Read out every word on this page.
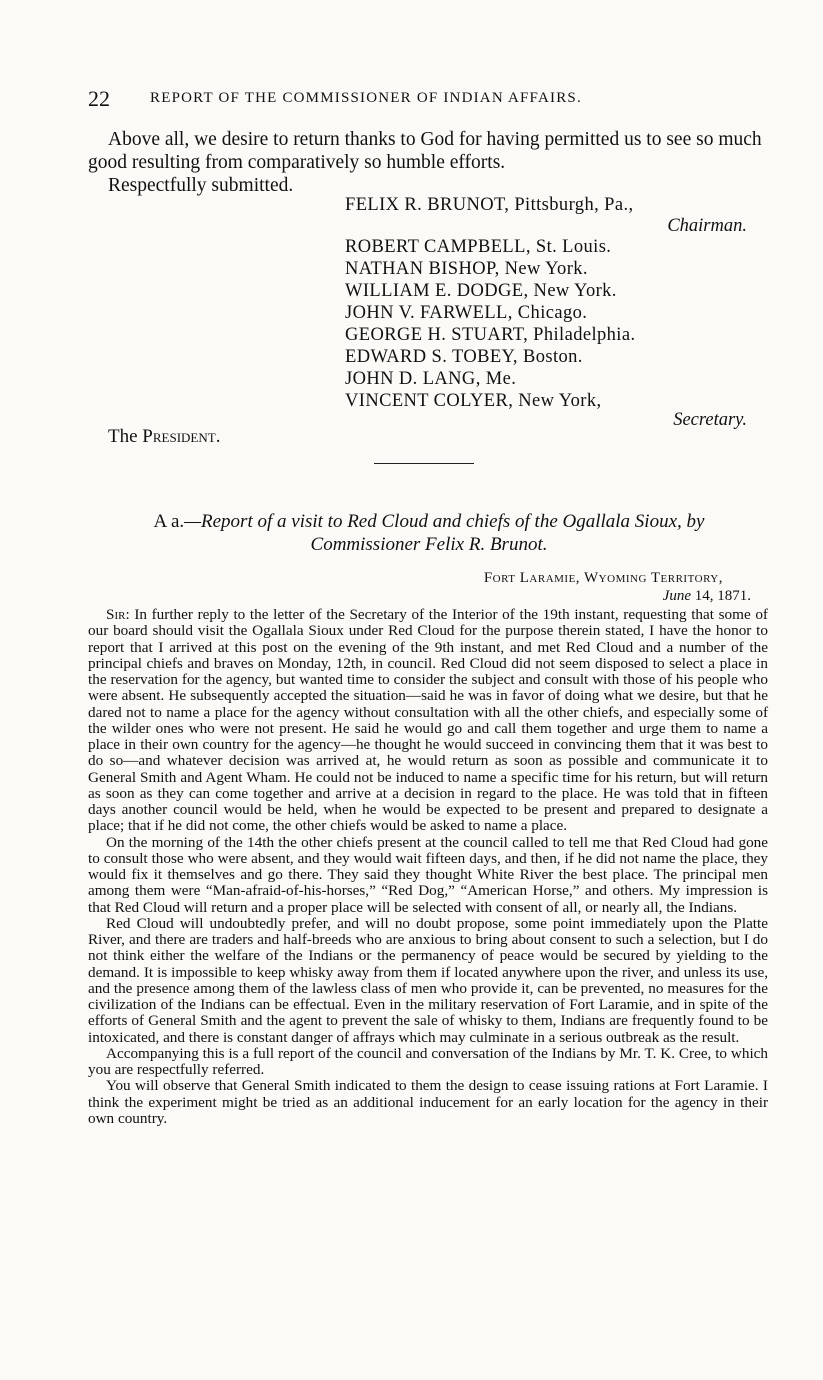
22	REPORT OF THE COMMISSIONER OF INDIAN AFFAIRS.
Above all, we desire to return thanks to God for having permitted us to see so much good resulting from comparatively so humble efforts.
Respectfully submitted.
FELIX R. BRUNOT, Pittsburgh, Pa.,
Chairman.
ROBERT CAMPBELL, St. Louis.
NATHAN BISHOP, New York.
WILLIAM E. DODGE, New York.
JOHN V. FARWELL, Chicago.
GEORGE H. STUART, Philadelphia.
EDWARD S. TOBEY, Boston.
JOHN D. LANG, Me.
VINCENT COLYER, New York,
Secretary.
The President.
A a.—Report of a visit to Red Cloud and chiefs of the Ogallala Sioux, by
Commissioner Felix R. Brunot.
Fort Laramie, Wyoming Territory,
June 14, 1871.

Sir: In further reply to the letter of the Secretary of the Interior of the 19th instant, requesting that some of our board should visit the Ogallala Sioux under Red Cloud for the purpose therein stated, I have the honor to report that I arrived at this post on the evening of the 9th instant, and met Red Cloud and a number of the principal chiefs and braves on Monday, 12th, in council. Red Cloud did not seem disposed to select a place in the reservation for the agency, but wanted time to consider the subject and consult with those of his people who were absent. He subsequently accepted the situation—said he was in favor of doing what we desire, but that he dared not to name a place for the agency without consultation with all the other chiefs, and especially some of the wilder ones who were not present. He said he would go and call them together and urge them to name a place in their own country for the agency—he thought he would succeed in convincing them that it was best to do so—and whatever decision was arrived at, he would return as soon as possible and communicate it to General Smith and Agent Wham. He could not be induced to name a specific time for his return, but will return as soon as they can come together and arrive at a decision in regard to the place. He was told that in fifteen days another council would be held, when he would be expected to be present and prepared to designate a place; that if he did not come, the other chiefs would be asked to name a place.

On the morning of the 14th the other chiefs present at the council called to tell me that Red Cloud had gone to consult those who were absent, and they would wait fifteen days, and then, if he did not name the place, they would fix it themselves and go there. They said they thought White River the best place. The principal men among them were “Man-afraid-of-his-horses,” “Red Dog,” “American Horse,” and others. My impression is that Red Cloud will return and a proper place will be selected with consent of all, or nearly all, the Indians.

Red Cloud will undoubtedly prefer, and will no doubt propose, some point immediately upon the Platte River, and there are traders and half-breeds who are anxious to bring about consent to such a selection, but I do not think either the welfare of the Indians or the permanency of peace would be secured by yielding to the demand. It is impossible to keep whisky away from them if located anywhere upon the river, and unless its use, and the presence among them of the lawless class of men who provide it, can be prevented, no measures for the civilization of the Indians can be effectual. Even in the military reservation of Fort Laramie, and in spite of the efforts of General Smith and the agent to prevent the sale of whisky to them, Indians are frequently found to be intoxicated, and there is constant danger of affrays which may culminate in a serious outbreak as the result.

Accompanying this is a full report of the council and conversation of the Indians by Mr. T. K. Cree, to which you are respectfully referred.

You will observe that General Smith indicated to them the design to cease issuing rations at Fort Laramie. I think the experiment might be tried as an additional inducement for an early location for the agency in their own country.
